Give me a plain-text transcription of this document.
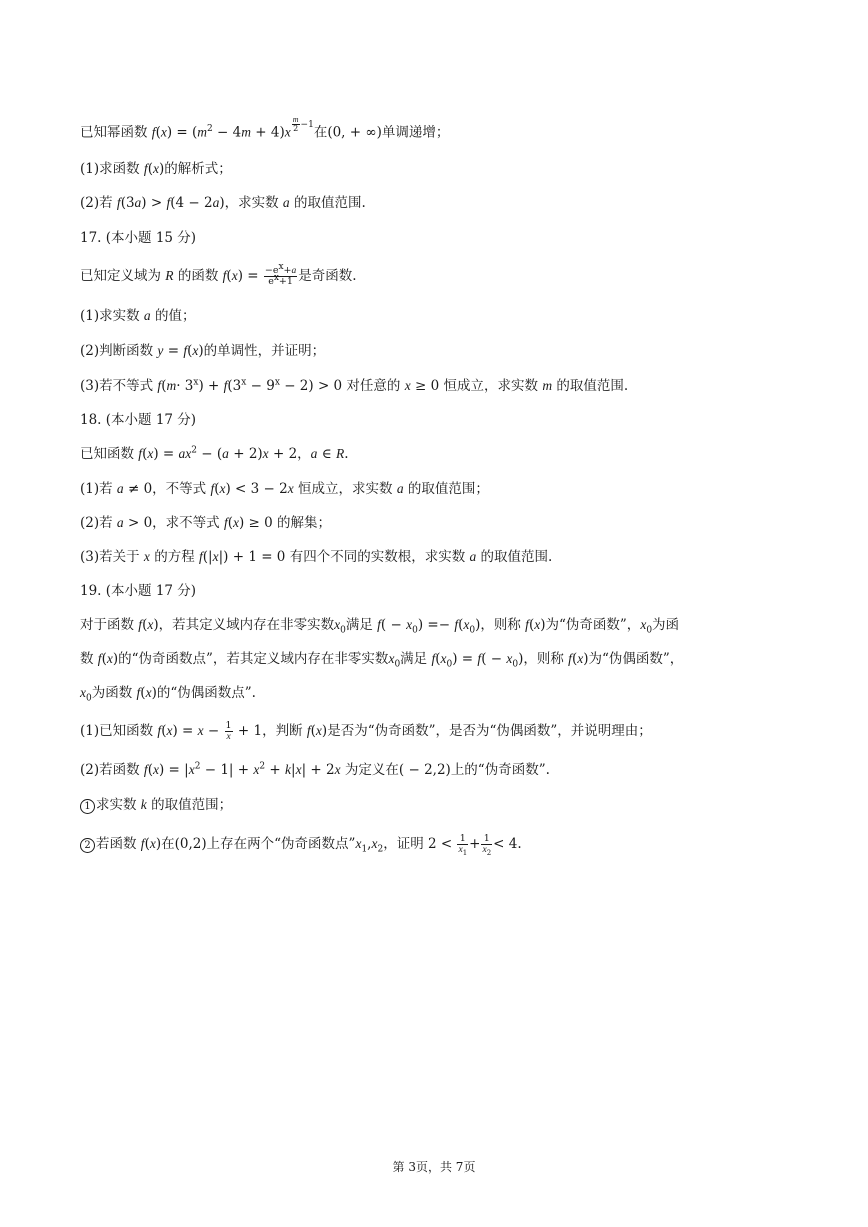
已知幂函数 $f(x) = (m^2 - 4m + 4)x$ $^{\frac{m}{2} -1}$在(0, + ∞)单调递增；
(1)求函数 f(x)的解析式；
(2)若 f(3a) > f(4 − 2a)，求实数 a 的取值范围.
17. (本小题 15 分)
已知定义域为 R 的函数 $f(x) = \frac{-e^x+a}{e^x+1}$ 是奇函数.
(1)求实数 a 的值；
(2)判断函数 y = f(x)的单调性，并证明；
(3)若不等式 $f(m\cdot 3^x) + f(3^x - 9^x - 2) > 0$ 对任意的 x ≥ 0 恒成立，求实数 m 的取值范围.
18. (本小题 17 分)
已知函数 $f(x) = ax^2 - (a + 2)x + 2$，a ∈ R.
(1)若 a ≠ 0，不等式 f(x) < 3 − 2x 恒成立，求实数 a 的取值范围；
(2)若 a > 0，求不等式 f(x) ≥ 0 的解集；
(3)若关于 x 的方程 f(|x|) + 1 = 0 有四个不同的实数根，求实数 a 的取值范围.
19. (本小题 17 分)
对于函数 f(x)，若其定义域内存在非零实数$x_0$满足 $f( - x_0) =- f(x_0)$，则称 f(x)为“伪奇函数”，$x_0$为函
数 f(x)的“伪奇函数点”，若其定义域内存在非零实数$x_0$满足 $f(x_0) = f( - x_0)$，则称 f(x)为“伪偶函数”，
$x_0$为函数 f(x)的“伪偶函数点”.
(1)已知函数 $f(x) = x - \frac{1}{x} + 1$，判断 f(x)是否为“伪奇函数”，是否为“伪偶函数”，并说明理由；
(2)若函数 $f(x) = |x^2 - 1| + x^2 + k|x| + 2x$ 为定义在( − 2,2)上的“伪奇函数”.
1 求实数 k 的取值范围；
2 若函数 f(x)在(0,2)上存在两个“伪奇函数点$”x_1,x_2$，证明 $2 < \frac{1}{x_1} + \frac{1}{x_2} < 4$.
第 3页，共 7页
